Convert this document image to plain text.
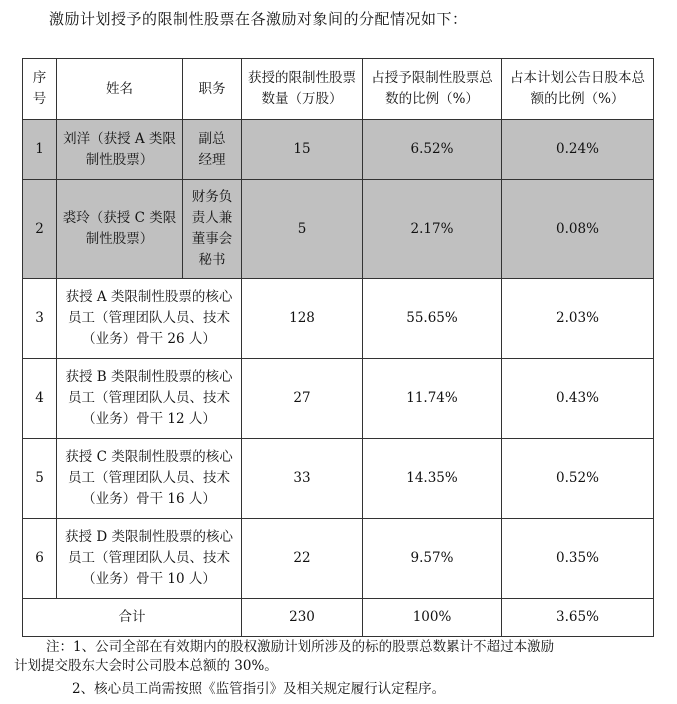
激励计划授予的限制性股票在各激励对象间的分配情况如下：
序号	姓名	职务	获授的限制性股票数量（万股）	占授予限制性股票总数的比例（%）	占本计划公告日股本总额的比例（%）
1	刘洋（获授 A 类限制性股票）	副总经理	15	6.52%	0.24%
2	裘玲（获授 C 类限制性股票）	财务负责人兼董事会秘书	5	2.17%	0.08%
3	获授 A 类限制性股票的核心员工（管理团队人员、技术（业务）骨干 26 人）		128	55.65%	2.03%
4	获授 B 类限制性股票的核心员工（管理团队人员、技术（业务）骨干 12 人）		27	11.74%	0.43%
5	获授 C 类限制性股票的核心员工（管理团队人员、技术（业务）骨干 16 人）		33	14.35%	0.52%
6	获授 D 类限制性股票的核心员工（管理团队人员、技术（业务）骨干 10 人）		22	9.57%	0.35%
合计			230	100%	3.65%
注：1、公司全部在有效期内的股权激励计划所涉及的标的股票总数累计不超过本激励
计划提交股东大会时公司股本总额的 30%。
2、核心员工尚需按照《监管指引》及相关规定履行认定程序。
